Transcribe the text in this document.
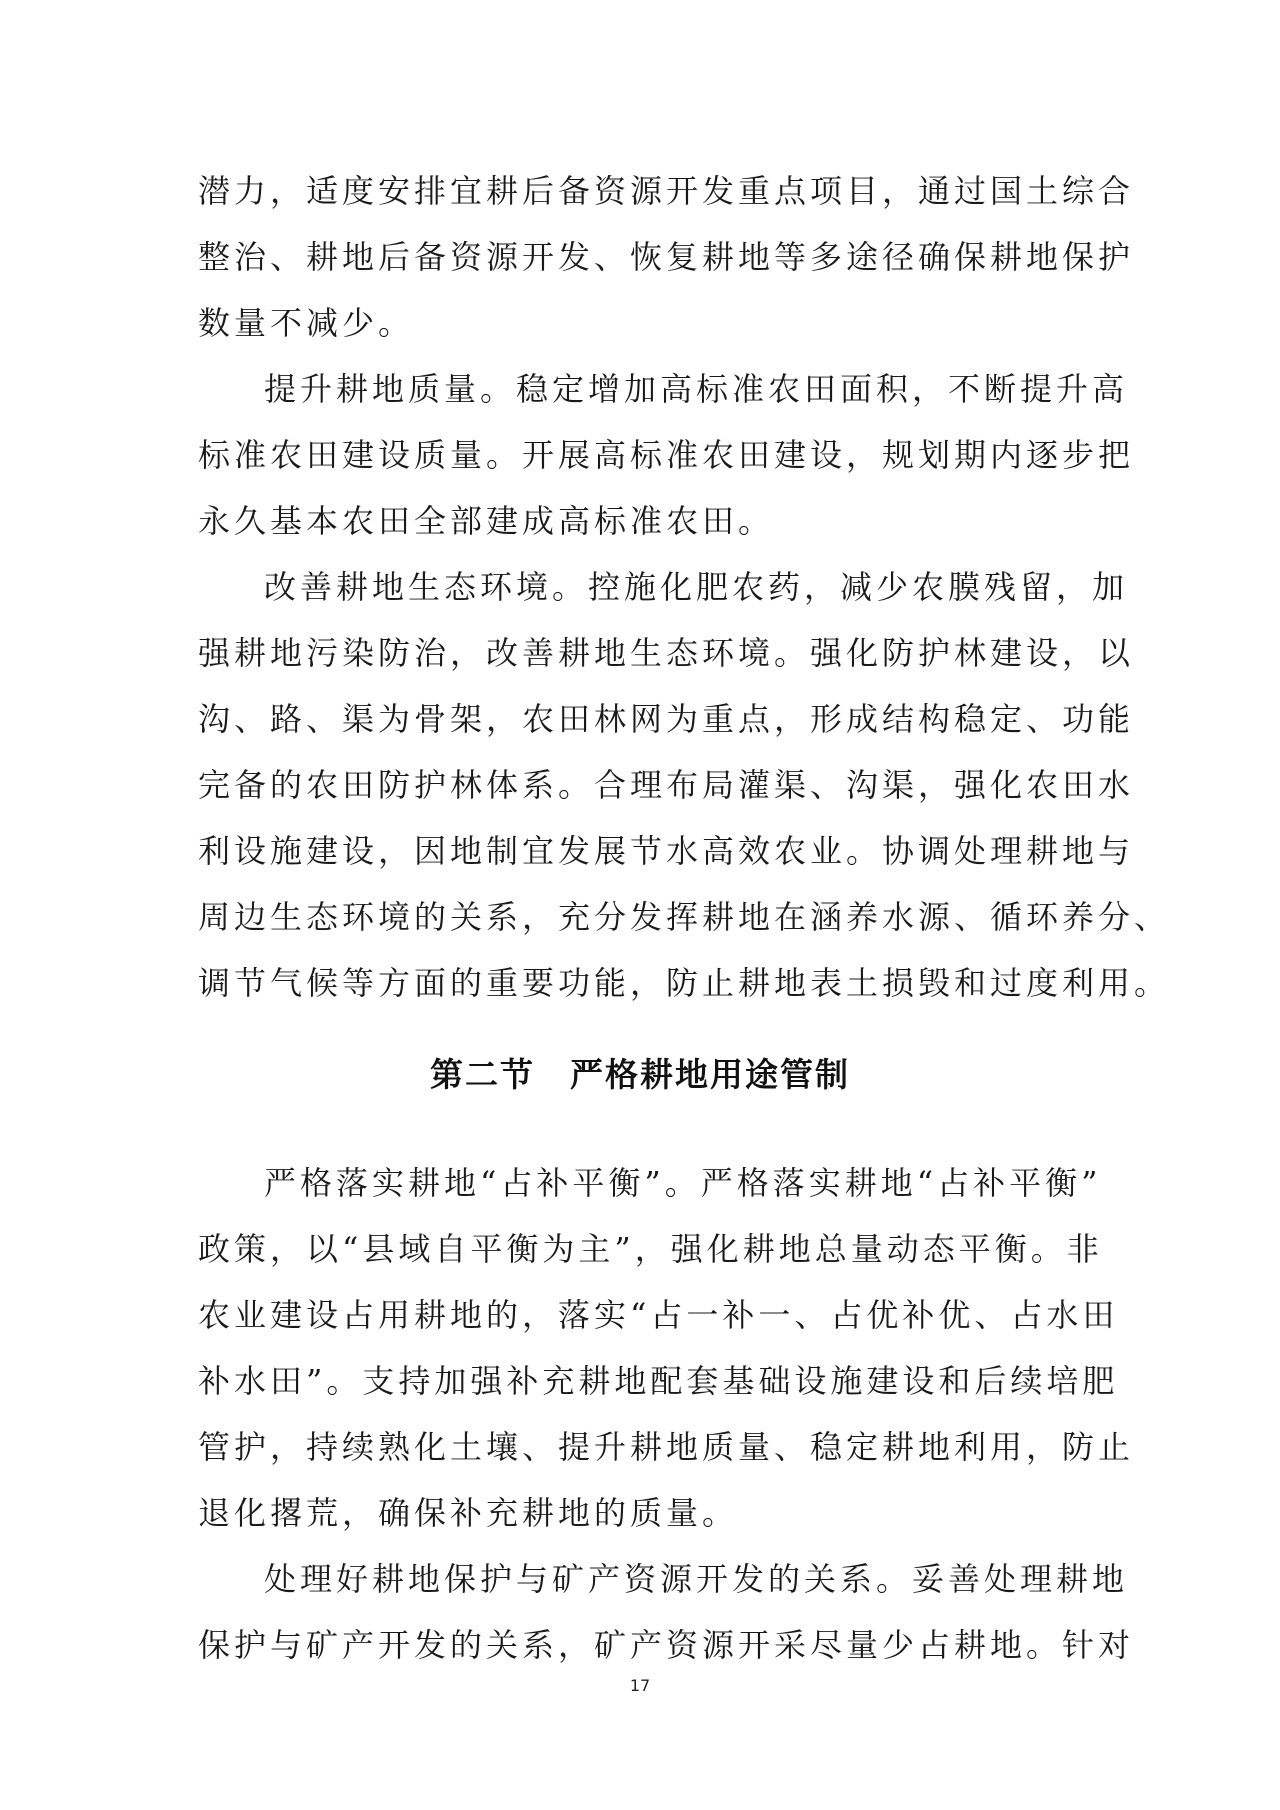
潜力，适度安排宜耕后备资源开发重点项目，通过国土综合
整治、耕地后备资源开发、恢复耕地等多途径确保耕地保护
数量不减少。
提升耕地质量。稳定增加高标准农田面积，不断提升高
标准农田建设质量。开展高标准农田建设，规划期内逐步把
永久基本农田全部建成高标准农田。
改善耕地生态环境。控施化肥农药，减少农膜残留，加
强耕地污染防治，改善耕地生态环境。强化防护林建设，以
沟、路、渠为骨架，农田林网为重点，形成结构稳定、功能
完备的农田防护林体系。合理布局灌渠、沟渠，强化农田水
利设施建设，因地制宜发展节水高效农业。协调处理耕地与
周边生态环境的关系，充分发挥耕地在涵养水源、循环养分、
调节气候等方面的重要功能，防止耕地表土损毁和过度利用。
第二节　严格耕地用途管制
严格落实耕地“占补平衡”。严格落实耕地“占补平衡”
政策，以“县域自平衡为主”，强化耕地总量动态平衡。非
农业建设占用耕地的，落实“占一补一、占优补优、占水田
补水田”。支持加强补充耕地配套基础设施建设和后续培肥
管护，持续熟化土壤、提升耕地质量、稳定耕地利用，防止
退化撂荒，确保补充耕地的质量。
处理好耕地保护与矿产资源开发的关系。妥善处理耕地
保护与矿产开发的关系，矿产资源开采尽量少占耕地。针对
17
